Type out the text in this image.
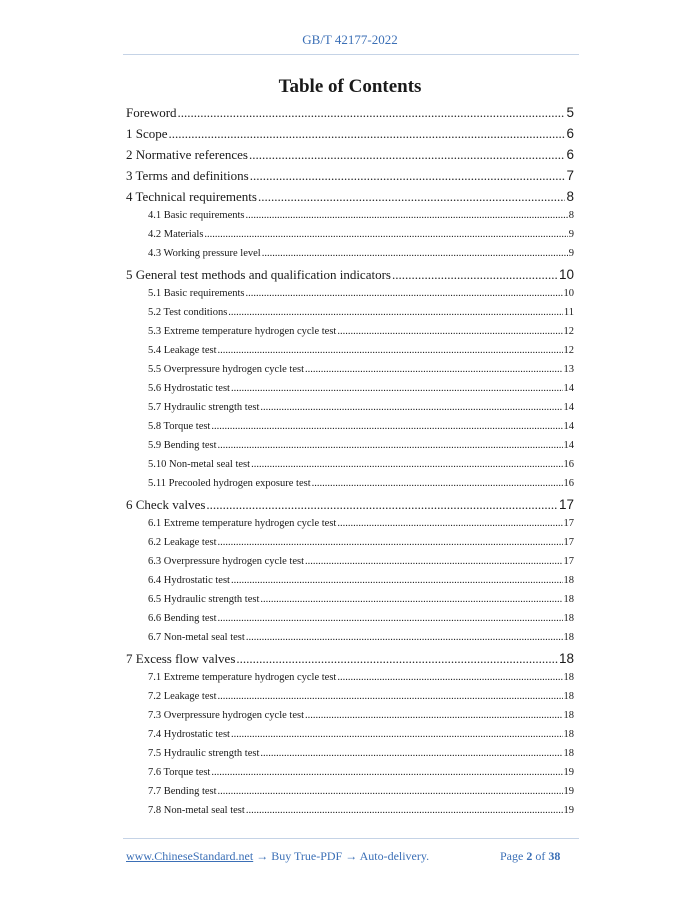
GB/T 42177-2022
Table of Contents
Foreword .....	5
1 Scope .....	6
2 Normative references .....	6
3 Terms and definitions .....	7
4 Technical requirements .....	8
4.1 Basic requirements .....	8
4.2 Materials .....	9
4.3 Working pressure level .....	9
5 General test methods and qualification indicators .....	10
5.1 Basic requirements .....	10
5.2 Test conditions .....	11
5.3 Extreme temperature hydrogen cycle test .....	12
5.4 Leakage test .....	12
5.5 Overpressure hydrogen cycle test .....	13
5.6 Hydrostatic test .....	14
5.7 Hydraulic strength test .....	14
5.8 Torque test .....	14
5.9 Bending test .....	14
5.10 Non-metal seal test .....	16
5.11 Precooled hydrogen exposure test .....	16
6 Check valves .....	17
6.1 Extreme temperature hydrogen cycle test .....	17
6.2 Leakage test .....	17
6.3 Overpressure hydrogen cycle test .....	17
6.4 Hydrostatic test .....	18
6.5 Hydraulic strength test .....	18
6.6 Bending test .....	18
6.7 Non-metal seal test .....	18
7 Excess flow valves .....	18
7.1 Extreme temperature hydrogen cycle test .....	18
7.2 Leakage test .....	18
7.3 Overpressure hydrogen cycle test .....	18
7.4 Hydrostatic test .....	18
7.5 Hydraulic strength test .....	18
7.6 Torque test .....	19
7.7 Bending test .....	19
7.8 Non-metal seal test .....	19
www.ChineseStandard.net → Buy True-PDF → Auto-delivery.	Page 2 of 38
